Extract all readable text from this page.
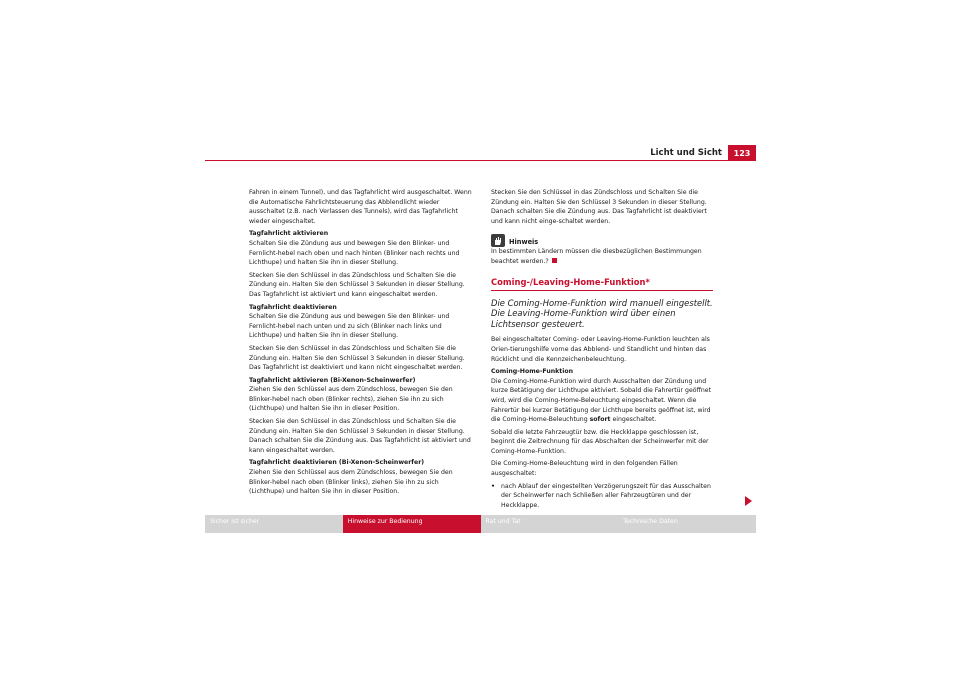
Licht und Sicht	123

Fahren in einem Tunnel), und das Tagfahrlicht wird ausgeschaltet. Wenn die Automatische Fahrlichtsteuerung das Abblendlicht wieder ausschaltet (z.B. nach Verlassen des Tunnels), wird das Tagfahrlicht wieder eingeschaltet.

Tagfahrlicht aktivieren

Schalten Sie die Zündung aus und bewegen Sie den Blinker- und Fernlicht-hebel nach oben und nach hinten (Blinker nach rechts und Lichthupe) und halten Sie ihn in dieser Stellung.

Stecken Sie den Schlüssel in das Zündschloss und Schalten Sie die Zündung ein. Halten Sie den Schlüssel 3 Sekunden in dieser Stellung. Das Tagfahrlicht ist aktiviert und kann eingeschaltet werden.

Tagfahrlicht deaktivieren

Schalten Sie die Zündung aus und bewegen Sie den Blinker- und Fernlicht-hebel nach unten und zu sich (Blinker nach links und Lichthupe) und halten Sie ihn in dieser Stellung.

Stecken Sie den Schlüssel in das Zündschloss und Schalten Sie die Zündung ein. Halten Sie den Schlüssel 3 Sekunden in dieser Stellung. Das Tagfahrlicht ist deaktiviert und kann nicht eingeschaltet werden.

Tagfahrlicht aktivieren (Bi-Xenon-Scheinwerfer)

Ziehen Sie den Schlüssel aus dem Zündschloss, bewegen Sie den Blinker-hebel nach oben (Blinker rechts), ziehen Sie ihn zu sich (Lichthupe) und halten Sie ihn in dieser Position.

Stecken Sie den Schlüssel in das Zündschloss und Schalten Sie die Zündung ein. Halten Sie den Schlüssel 3 Sekunden in dieser Stellung. Danach schalten Sie die Zündung aus. Das Tagfahrlicht ist aktiviert und kann eingeschaltet werden.

Tagfahrlicht deaktivieren (Bi-Xenon-Scheinwerfer)

Ziehen Sie den Schlüssel aus dem Zündschloss, bewegen Sie den Blinker-hebel nach oben (Blinker links), ziehen Sie ihn zu sich (Lichthupe) und halten Sie ihn in dieser Position.

Stecken Sie den Schlüssel in das Zündschloss und Schalten Sie die Zündung ein. Halten Sie den Schlüssel 3 Sekunden in dieser Stellung. Danach schalten Sie die Zündung aus. Das Tagfahrlicht ist deaktiviert und kann nicht einge-schaltet werden.

Hinweis

In bestimmten Ländern müssen die diesbezüglichen Bestimmungen beachtet werden.?

Coming-/Leaving-Home-Funktion*
Die Coming-Home-Funktion wird manuell eingestellt. Die Leaving-Home-Funktion wird über einen Lichtsensor gesteuert.

Bei eingeschalteter Coming- oder Leaving-Home-Funktion leuchten als Orien-tierungshilfe vorne das Abblend- und Standlicht und hinten das Rücklicht und die Kennzeichenbeleuchtung.

Coming-Home-Funktion

Die Coming-Home-Funktion wird durch Ausschalten der Zündung und kurze Betätigung der Lichthupe aktiviert. Sobald die Fahrertür geöffnet wird, wird die Coming-Home-Beleuchtung eingeschaltet. Wenn die Fahrertür bei kurzer Betätigung der Lichthupe bereits geöffnet ist, wird die Coming-Home-Beleuchtung sofort eingeschaltet.

Sobald die letzte Fahrzeugtür bzw. die Heckklappe geschlossen ist, beginnt die Zeitrechnung für das Abschalten der Scheinwerfer mit der Coming-Home-Funktion.

Die Coming-Home-Beleuchtung wird in den folgenden Fällen ausgeschaltet:

• nach Ablauf der eingestellten Verzögerungszeit für das Ausschalten der Scheinwerfer nach Schließen aller Fahrzeugtüren und der Heckklappe.

Sicher ist sicher	Hinweise zur Bedienung	Rat und Tat	Technische Daten
